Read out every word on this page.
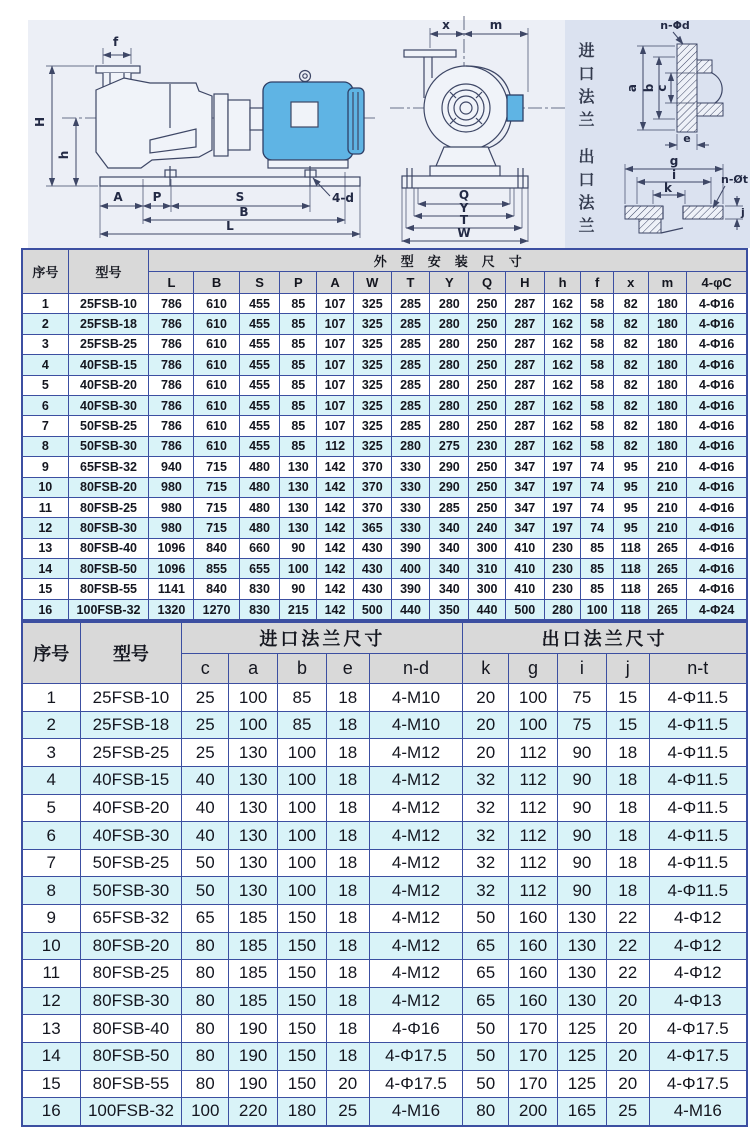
f
H
h
A P	S
B
L
4-d
x	m
Q
Y
T
W
进口法兰
出口法兰
a b c
e
n-Φd
g
i
k
n-Øt
j
序号	型号	外型安装尺寸														
		L	B	S	P	A	W	T	Y	Q	H	h	f	x	m	4-φC
1	25FSB-10	786	610	455	85	107	325	285	280	250	287	162	58	82	180	4-Φ16
2	25FSB-18	786	610	455	85	107	325	285	280	250	287	162	58	82	180	4-Φ16
3	25FSB-25	786	610	455	85	107	325	285	280	250	287	162	58	82	180	4-Φ16
4	40FSB-15	786	610	455	85	107	325	285	280	250	287	162	58	82	180	4-Φ16
5	40FSB-20	786	610	455	85	107	325	285	280	250	287	162	58	82	180	4-Φ16
6	40FSB-30	786	610	455	85	107	325	285	280	250	287	162	58	82	180	4-Φ16
7	50FSB-25	786	610	455	85	107	325	285	280	250	287	162	58	82	180	4-Φ16
8	50FSB-30	786	610	455	85	112	325	280	275	230	287	162	58	82	180	4-Φ16
9	65FSB-32	940	715	480	130	142	370	330	290	250	347	197	74	95	210	4-Φ16
10	80FSB-20	980	715	480	130	142	370	330	290	250	347	197	74	95	210	4-Φ16
11	80FSB-25	980	715	480	130	142	370	330	285	250	347	197	74	95	210	4-Φ16
12	80FSB-30	980	715	480	130	142	365	330	340	240	347	197	74	95	210	4-Φ16
13	80FSB-40	1096	840	660	90	142	430	390	340	300	410	230	85	118	265	4-Φ16
14	80FSB-50	1096	855	655	100	142	430	400	340	310	410	230	85	118	265	4-Φ16
15	80FSB-55	1141	840	830	90	142	430	390	340	300	410	230	85	118	265	4-Φ16
16	100FSB-32	1320	1270	830	215	142	500	440	350	440	500	280	100	118	265	4-Φ24
序号	型号	进口法兰尺寸					出口法兰尺寸				
		c	a	b	e	n-d	k	g	i	j	n-t
1	25FSB-10	25	100	85	18	4-M10	20	100	75	15	4-Φ11.5
2	25FSB-18	25	100	85	18	4-M10	20	100	75	15	4-Φ11.5
3	25FSB-25	25	130	100	18	4-M12	20	112	90	18	4-Φ11.5
4	40FSB-15	40	130	100	18	4-M12	32	112	90	18	4-Φ11.5
5	40FSB-20	40	130	100	18	4-M12	32	112	90	18	4-Φ11.5
6	40FSB-30	40	130	100	18	4-M12	32	112	90	18	4-Φ11.5
7	50FSB-25	50	130	100	18	4-M12	32	112	90	18	4-Φ11.5
8	50FSB-30	50	130	100	18	4-M12	32	112	90	18	4-Φ11.5
9	65FSB-32	65	185	150	18	4-M12	50	160	130	22	4-Φ12
10	80FSB-20	80	185	150	18	4-M12	65	160	130	22	4-Φ12
11	80FSB-25	80	185	150	18	4-M12	65	160	130	22	4-Φ12
12	80FSB-30	80	185	150	18	4-M12	65	160	130	20	4-Φ13
13	80FSB-40	80	190	150	18	4-Φ16	50	170	125	20	4-Φ17.5
14	80FSB-50	80	190	150	18	4-Φ17.5	50	170	125	20	4-Φ17.5
15	80FSB-55	80	190	150	20	4-Φ17.5	50	170	125	20	4-Φ17.5
16	100FSB-32	100	220	180	25	4-M16	80	200	165	25	4-M16
